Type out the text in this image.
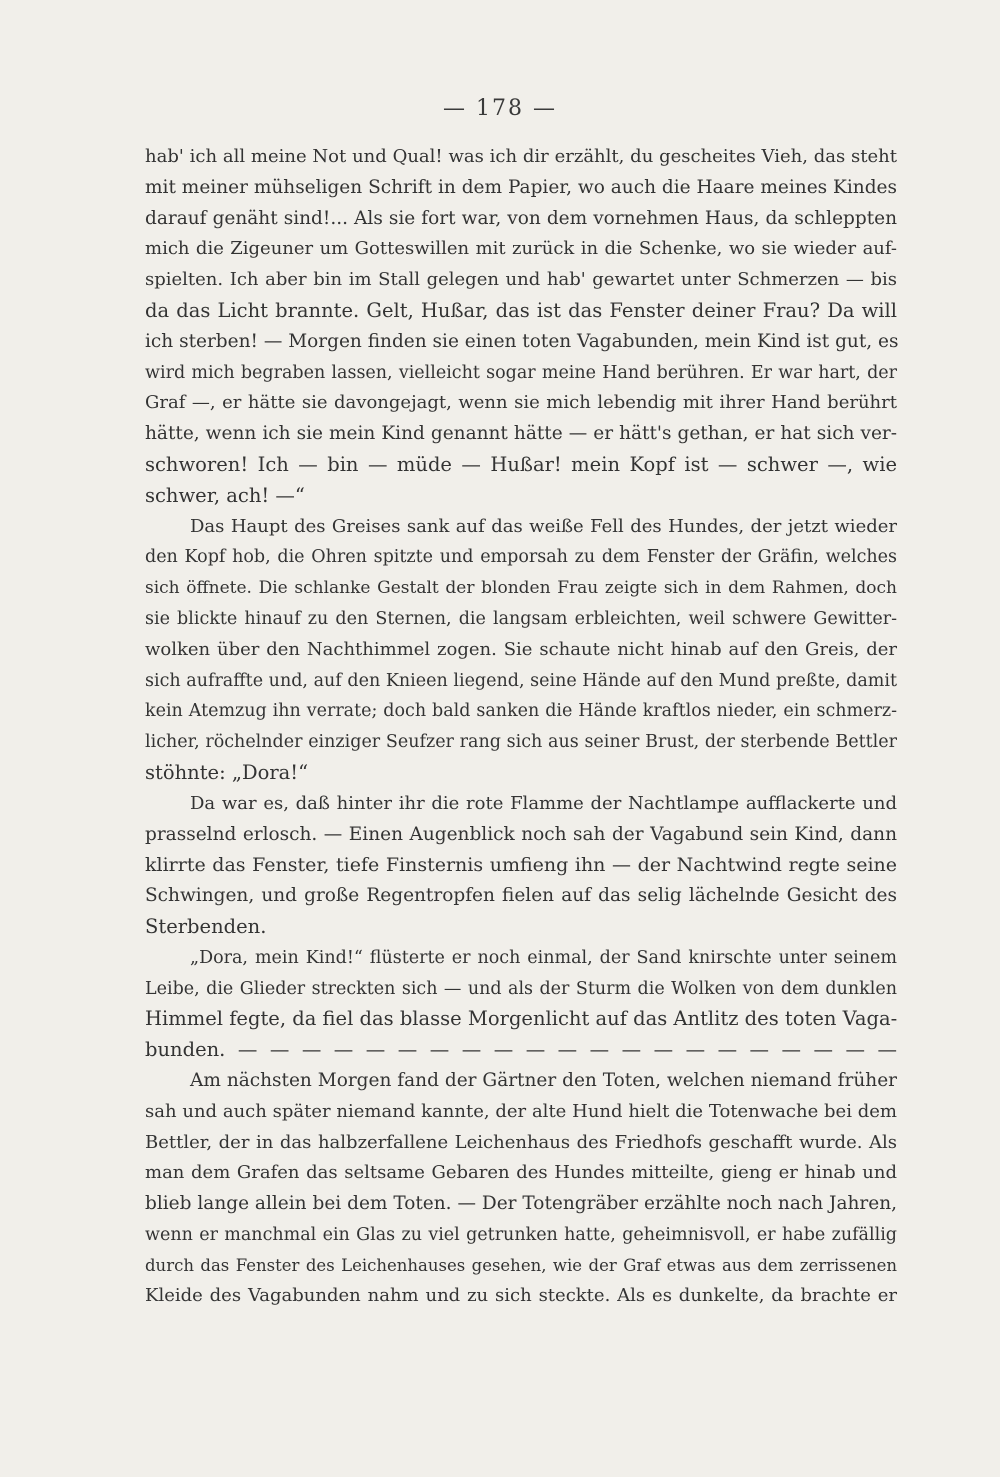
— 178 —
hab' ich all meine Not und Qual! was ich dir erzählt, du gescheites Vieh, das steht
mit meiner mühseligen Schrift in dem Papier, wo auch die Haare meines Kindes
darauf genäht sind!... Als sie fort war, von dem vornehmen Haus, da schleppten
mich die Zigeuner um Gotteswillen mit zurück in die Schenke, wo sie wieder auf-
spielten. Ich aber bin im Stall gelegen und hab' gewartet unter Schmerzen — bis
da das Licht brannte. Gelt, Hußar, das ist das Fenster deiner Frau? Da will
ich sterben! — Morgen finden sie einen toten Vagabunden, mein Kind ist gut, es
wird mich begraben lassen, vielleicht sogar meine Hand berühren. Er war hart, der
Graf —, er hätte sie davongejagt, wenn sie mich lebendig mit ihrer Hand berührt
hätte, wenn ich sie mein Kind genannt hätte — er hätt's gethan, er hat sich ver-
schworen! Ich — bin — müde — Hußar! mein Kopf ist — schwer —, wie
schwer, ach! —“
Das Haupt des Greises sank auf das weiße Fell des Hundes, der jetzt wieder
den Kopf hob, die Ohren spitzte und emporsah zu dem Fenster der Gräfin, welches
sich öffnete. Die schlanke Gestalt der blonden Frau zeigte sich in dem Rahmen, doch
sie blickte hinauf zu den Sternen, die langsam erbleichten, weil schwere Gewitter-
wolken über den Nachthimmel zogen. Sie schaute nicht hinab auf den Greis, der
sich aufraffte und, auf den Knieen liegend, seine Hände auf den Mund preßte, damit
kein Atemzug ihn verrate; doch bald sanken die Hände kraftlos nieder, ein schmerz-
licher, röchelnder einziger Seufzer rang sich aus seiner Brust, der sterbende Bettler
stöhnte: „Dora!“
Da war es, daß hinter ihr die rote Flamme der Nachtlampe aufflackerte und
prasselnd erlosch. — Einen Augenblick noch sah der Vagabund sein Kind, dann
klirrte das Fenster, tiefe Finsternis umfieng ihn — der Nachtwind regte seine
Schwingen, und große Regentropfen fielen auf das selig lächelnde Gesicht des
Sterbenden.
„Dora, mein Kind!“ flüsterte er noch einmal, der Sand knirschte unter seinem
Leibe, die Glieder streckten sich — und als der Sturm die Wolken von dem dunklen
Himmel fegte, da fiel das blasse Morgenlicht auf das Antlitz des toten Vaga-
bunden. — — — — — — — — — — — — — — — — — — — — —
Am nächsten Morgen fand der Gärtner den Toten, welchen niemand früher
sah und auch später niemand kannte, der alte Hund hielt die Totenwache bei dem
Bettler, der in das halbzerfallene Leichenhaus des Friedhofs geschafft wurde. Als
man dem Grafen das seltsame Gebaren des Hundes mitteilte, gieng er hinab und
blieb lange allein bei dem Toten. — Der Totengräber erzählte noch nach Jahren,
wenn er manchmal ein Glas zu viel getrunken hatte, geheimnisvoll, er habe zufällig
durch das Fenster des Leichenhauses gesehen, wie der Graf etwas aus dem zerrissenen
Kleide des Vagabunden nahm und zu sich steckte. Als es dunkelte, da brachte er
